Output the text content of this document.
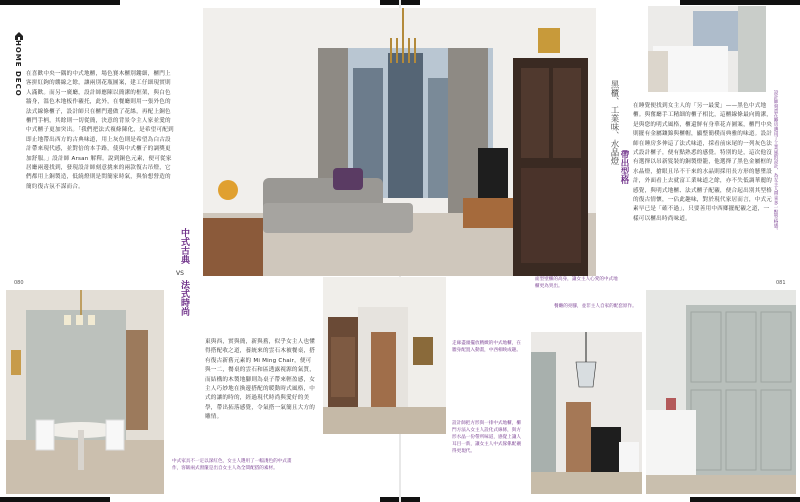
HOME DECO 在喜歡中央一隅的中式地櫃，場色賽木櫃別鏤細，櫃門上客拼紅鉤的縷線之餘，讓兩別花瓶圖案，建工仔細現實則人滿歡。而另一廣廳，設計師應陳以簡潔的框架，與白色牆身，溫色木地板作襯托，此外，在餐廳則用一張外色的法式線條櫃子，設計師只在櫃門邊做了花絲，再配上銅色櫃門手柄，其餘則一切從簡，決意的背景令主人家並愛的中式櫃子更加突出。「我們把法式複條陳化，是希望可配到即止地帶出西方的古典味道，用上灰色則是希望為白古設計帶來現代感，並對倍的本手路，使與中式櫃子的調獎更加舒服。」設計師 Arsan 解釋。說到銅色元素，便可從家居廳兩邊找到，發現設計師刻意挑來的兩款復古吊燈，它們都用上銅製造，低繞燈則是問簡家時氣，與怡想營造的簡約復古氛不謀而合。
中式古典
VS
法式時尚
黑櫃、工業味、水晶燈
帶出型格
在睡覺便找到女主人的「另一最愛」——黑色中式地櫃。與奮廳手工精細的櫃子相比，這櫃線條最向簡潔，是與您的明式風格，櫃還鮮有身華花卉圖案，櫃門中央則擺有金屬鑲錦與櫃帽，顯整簡樸而典雅的味道。設計師在睡房多伸這了法式味道，採看前床尾的一列灰色法式設計櫃子，便有點熟悉的感覺。特別的是，這次他沒有選擇以吊新髮裝的銅製燈籠，他選擇了黑色金屬框的水晶燈，搶眼且吊不干來的水晶則採用長方形的懸墜設計，外面看上去就富工業味道之餘，亦不失低調華麗的感覺，與明式地櫃、法式櫃子配襯，便合起出別其型格的復古情懷，一佔此趣味，對於現代家居而言，中式元素早已是「確不過」，只要善用中西鄉擺配襯之道，一樣可以櫃出時尚味道。	設計師刻意在睡房選用了工業風的設計，為女主人帶來多一點型格感。
080	081
中式家具不一定以深紅色，女主人選用了一幅淺色的中式畫作，客飯兩式窗簾是出自女主人為全間配搭的素材。
東與西，實與簡，新與舊，似乎女主人也懂得搭配收之道，養統來的雲石木被餐桌，搭有復古新舊元素的 Mi Ming Chair，便可與一二，餐桌的雲石和區透露視源的氣質，而結構的木製地腳則為桌子帶來輕盈感，女主人巧妙地在換邊搭配的暖動時式風格，中式的讓的時的，經過現代時尚與愛好的美學，帶出拓落感覺，令氣搭一氣簡且大方的雕情。
面型壁櫃的高身，讓女主人心愛的中式地櫃更為突出。
餐廳的亮腳，並非主人自家的配套原作。
走廊盡頭擺放精緻的中式地櫃，在牆身配置入動畫，中西相映成趣。
設計師把方形與一排中式地櫃，櫃門方法入女主人設化式線條，與方形水晶一份帶所味道，感覺上讓人耳目一新，讓女主人中式傢俬配襯得更現代。
